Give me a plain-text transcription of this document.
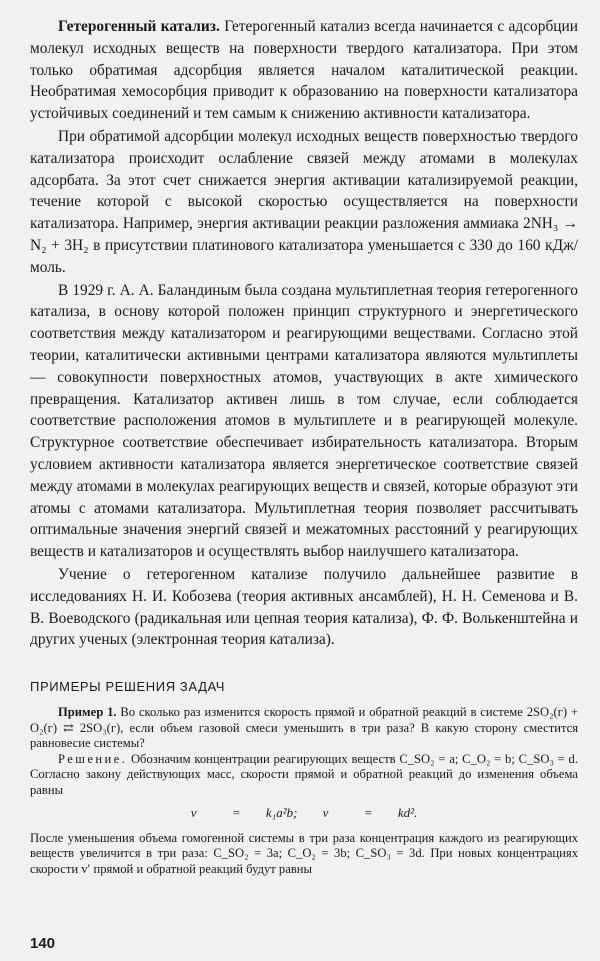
Гетерогенный катализ. Гетерогенный катализ всегда начинается с адсорбции молекул исходных веществ на поверхности твердого катализатора. При этом только обратимая адсорбция является началом каталитической реакции. Необратимая хемосорбция приводит к образованию на поверхности катализатора устойчивых соединений и тем самым к снижению активности катализатора.

При обратимой адсорбции молекул исходных веществ поверхностью твердого катализатора происходит ослабление связей между атомами в молекулах адсорбата. За этот счет снижается энергия активации катализируемой реакции, течение которой с высокой скоростью осуществляется на поверхности катализатора. Например, энергия активации реакции разложения аммиака 2NH₃ → N₂ + 3H₂ в присутствии платинового катализатора уменьшается с 330 до 160 кДж/моль.

В 1929 г. А. А. Баландиным была создана мультиплетная теория гетерогенного катализа, в основу которой положен принцип структурного и энергетического соответствия между катализатором и реагирующими веществами. Согласно этой теории, каталитически активными центрами катализатора являются мультиплеты — совокупности поверхностных атомов, участвующих в акте химического превращения. Катализатор активен лишь в том случае, если соблюдается соответствие расположения атомов в мультиплете и в реагирующей молекуле. Структурное соответствие обеспечивает избирательность катализатора. Вторым условием активности катализатора является энергетическое соответствие связей между атомами в молекулах реагирующих веществ и связей, которые образуют эти атомы с атомами катализатора. Мультиплетная теория позволяет рассчитывать оптимальные значения энергий связей и межатомных расстояний у реагирующих веществ и катализаторов и осуществлять выбор наилучшего катализатора.

Учение о гетерогенном катализе получило дальнейшее развитие в исследованиях Н. И. Кобозева (теория активных ансамблей), Н. Н. Семенова и В. В. Воеводского (радикальная или цепная теория катализа), Ф. Ф. Волькенштейна и других ученых (электронная теория катализа).

ПРИМЕРЫ РЕШЕНИЯ ЗАДАЧ

Пример 1. Во сколько раз изменится скорость прямой и обратной реакций в системе 2SO₂(г) + O₂(г) ⇄ 2SO₃(г), если объем газовой смеси уменьшить в три раза? В какую сторону сместится равновесие системы?

Решение. Обозначим концентрации реагирующих веществ C_SO₂ = a; C_O₂ = b; C_SO₃ = d. Согласно закону действующих масс, скорости прямой и обратной реакций до изменения объема равны

v⃗ = k₁a²b; v⃖ = kd².

После уменьшения объема гомогенной системы в три раза концентрация каждого из реагирующих веществ увеличится в три раза: C_SO₂ = 3a; C_O₂ = 3b; C_SO₃ = 3d. При новых концентрациях скорости v′ прямой и обратной реакций будут равны

140
